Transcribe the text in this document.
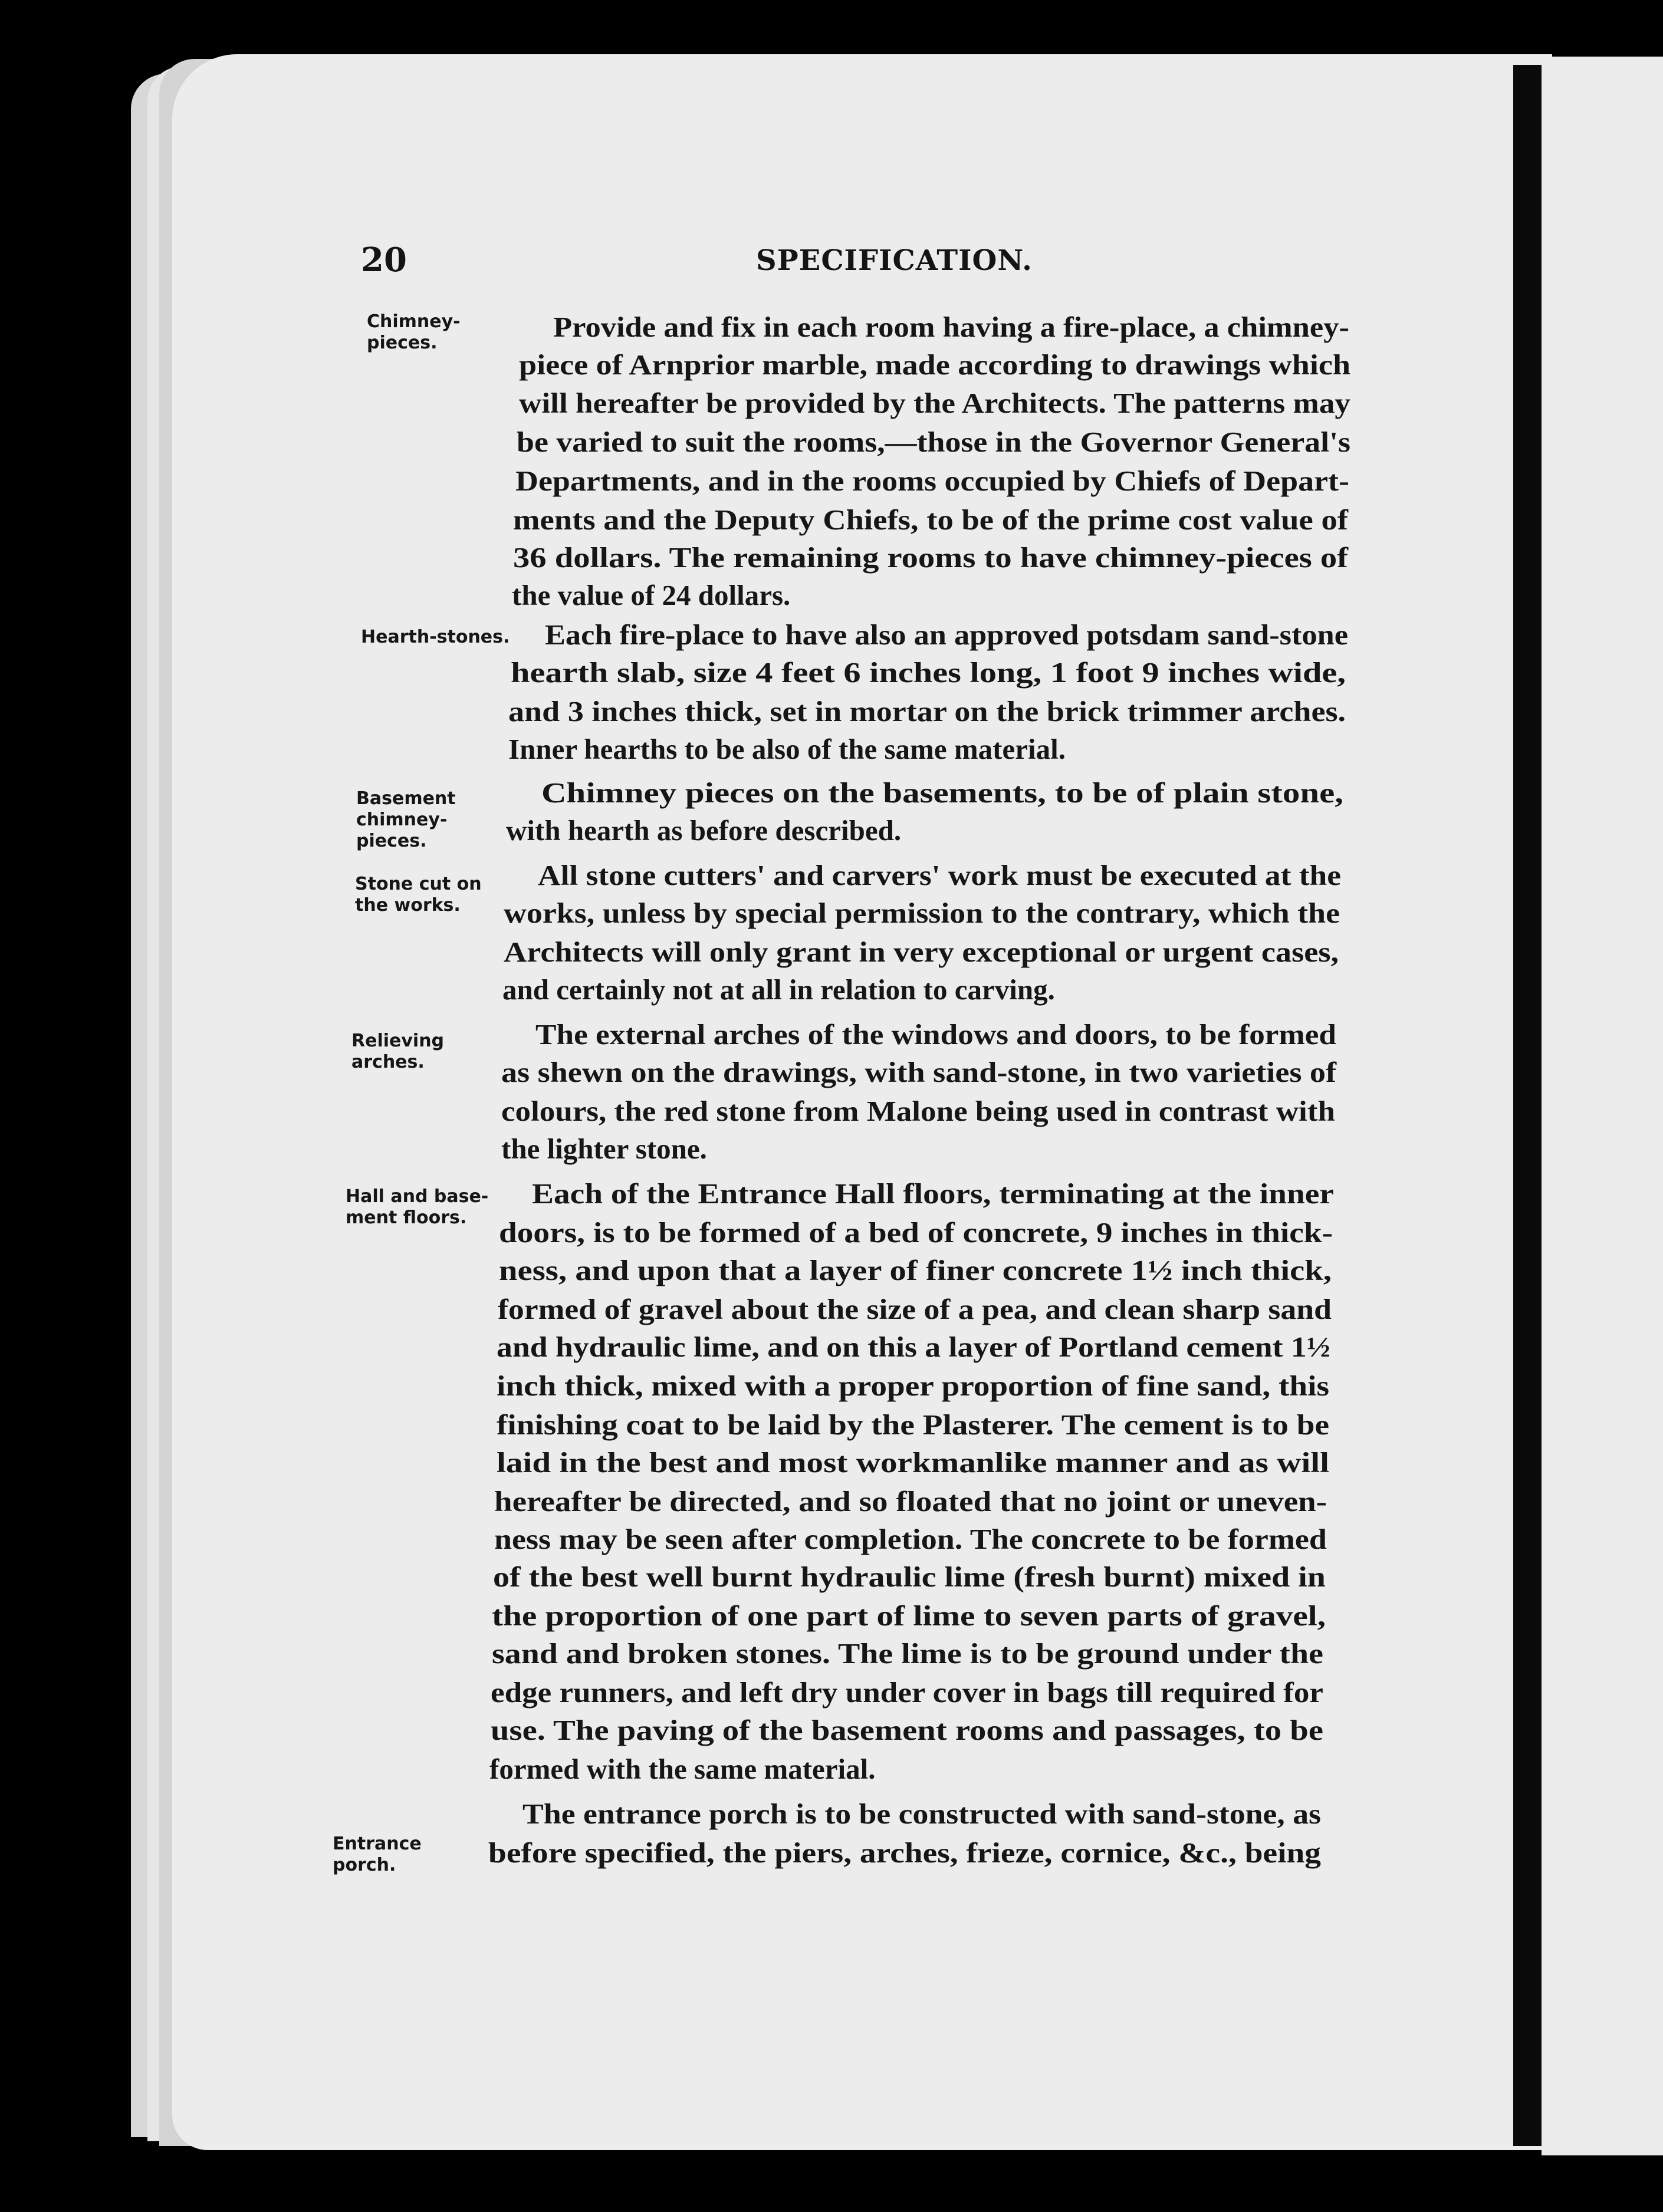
20	SPECIFICATION.
Chimney-
pieces.
Hearth-stones.
Basement
chimney-
pieces.
Stone cut on
the works.
Relieving
arches.
Hall and base-
ment floors.
Entrance
porch.
Provide and fix in each room having a fire-place, a chimney-
piece of Arnprior marble, made according to drawings which
will hereafter be provided by the Architects. The patterns may
be varied to suit the rooms,—those in the Governor General's
Departments, and in the rooms occupied by Chiefs of Depart-
ments and the Deputy Chiefs, to be of the prime cost value of
36 dollars. The remaining rooms to have chimney-pieces of
the value of 24 dollars.
Each fire-place to have also an approved potsdam sand-stone
hearth slab, size 4 feet 6 inches long, 1 foot 9 inches wide,
and 3 inches thick, set in mortar on the brick trimmer arches.
Inner hearths to be also of the same material.
Chimney pieces on the basements, to be of plain stone,
with hearth as before described.
All stone cutters' and carvers' work must be executed at the
works, unless by special permission to the contrary, which the
Architects will only grant in very exceptional or urgent cases,
and certainly not at all in relation to carving.
The external arches of the windows and doors, to be formed
as shewn on the drawings, with sand-stone, in two varieties of
colours, the red stone from Malone being used in contrast with
the lighter stone.
Each of the Entrance Hall floors, terminating at the inner
doors, is to be formed of a bed of concrete, 9 inches in thick-
ness, and upon that a layer of finer concrete 1½ inch thick,
formed of gravel about the size of a pea, and clean sharp sand
and hydraulic lime, and on this a layer of Portland cement 1½
inch thick, mixed with a proper proportion of fine sand, this
finishing coat to be laid by the Plasterer. The cement is to be
laid in the best and most workmanlike manner and as will
hereafter be directed, and so floated that no joint or uneven-
ness may be seen after completion. The concrete to be formed
of the best well burnt hydraulic lime (fresh burnt) mixed in
the proportion of one part of lime to seven parts of gravel,
sand and broken stones. The lime is to be ground under the
edge runners, and left dry under cover in bags till required for
use. The paving of the basement rooms and passages, to be
formed with the same material.
The entrance porch is to be constructed with sand-stone, as
before specified, the piers, arches, frieze, cornice, &c., being
